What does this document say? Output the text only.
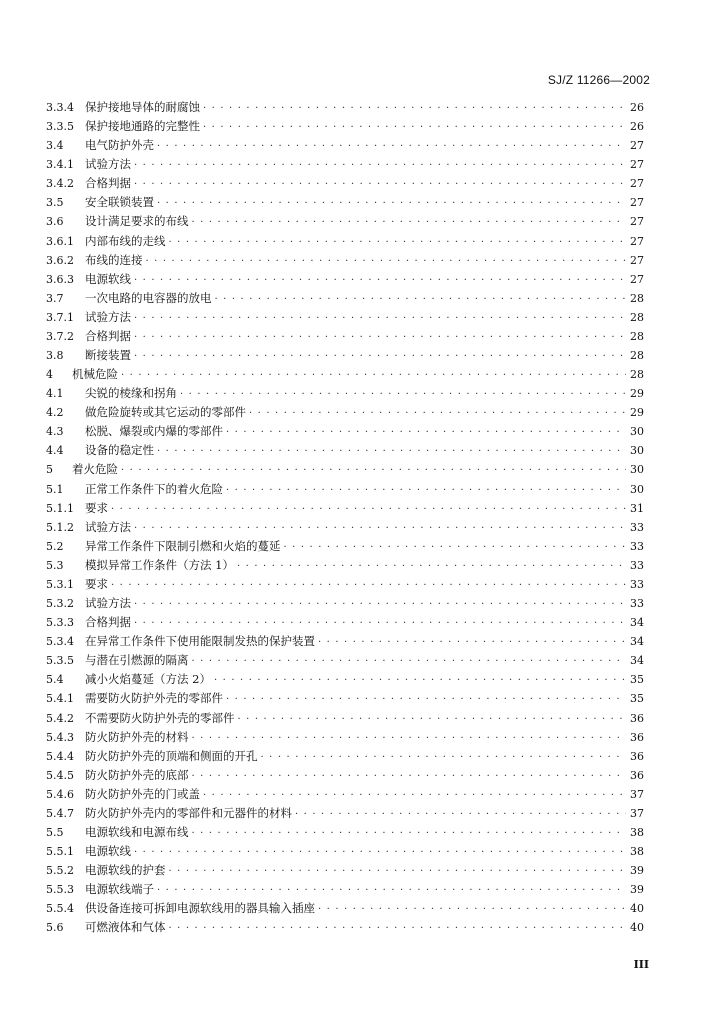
SJ/Z 11266—2002
3.3.4 保护接地导体的耐腐蚀 ·····	26
3.3.5 保护接地通路的完整性 ·····	26
3.4	电气防护外壳 ·····	27
3.4.1 试验方法 ·····	27
3.4.2 合格判据 ·····	27
3.5	安全联锁装置 ·····	27
3.6	设计满足要求的布线 ·····	27
3.6.1 内部布线的走线 ·····	27
3.6.2 布线的连接 ·····	27
3.6.3 电源软线 ·····	27
3.7	一次电路的电容器的放电 ·····	28
3.7.1 试验方法 ·····	28
3.7.2 合格判据 ·····	28
3.8	断接装置 ·····	28
4	机械危险 ·····	28
4.1	尖锐的棱缘和拐角 ·····	29
4.2	做危险旋转或其它运动的零部件 ·····	29
4.3	松脱、爆裂或内爆的零部件 ·····	30
4.4	设备的稳定性 ·····	30
5	着火危险 ·····	30
5.1	正常工作条件下的着火危险 ·····	30
5.1.1 要求 ·····	31
5.1.2 试验方法 ·····	33
5.2	异常工作条件下限制引燃和火焰的蔓延 ·····	33
5.3	模拟异常工作条件（方法 1） ·····	33
5.3.1 要求 ·····	33
5.3.2 试验方法 ·····	33
5.3.3 合格判据 ·····	34
5.3.4 在异常工作条件下使用能限制发热的保护装置 ·····	34
5.3.5 与潜在引燃源的隔离 ·····	34
5.4	减小火焰蔓延（方法 2） ·····	35
5.4.1 需要防火防护外壳的零部件 ·····	35
5.4.2 不需要防火防护外壳的零部件 ·····	36
5.4.3 防火防护外壳的材料 ·····	36
5.4.4 防火防护外壳的顶端和侧面的开孔 ·····	36
5.4.5 防火防护外壳的底部 ·····	36
5.4.6 防火防护外壳的门或盖 ·····	37
5.4.7 防火防护外壳内的零部件和元器件的材料 ·····	37
5.5	电源软线和电源布线 ·····	38
5.5.1 电源软线 ·····	38
5.5.2 电源软线的护套 ·····	39
5.5.3 电源软线端子 ·····	39
5.5.4 供设备连接可拆卸电源软线用的器具输入插座 ·····	40
5.6	可燃液体和气体 ·····	40
III
